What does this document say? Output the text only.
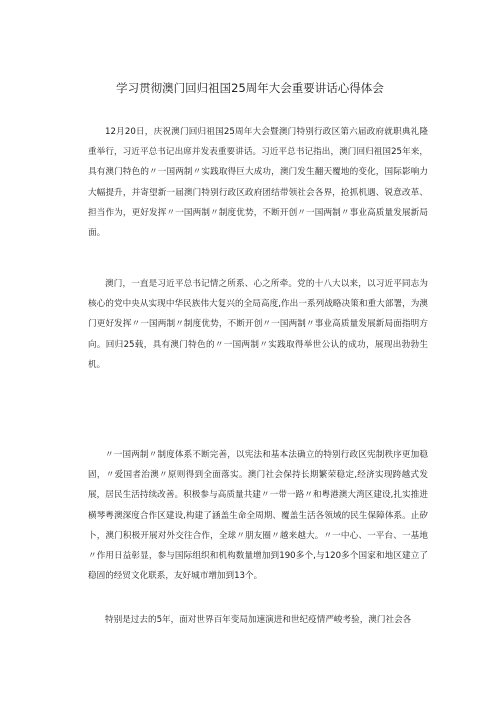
学习贯彻澳门回归祖国25周年大会重要讲话心得体会

12月20日，庆祝澳门回归祖国25周年大会暨澳门特别行政区第六届政府就职典礼隆重举行，习近平总书记出席并发表重要讲话。习近平总书记指出，澳门回归祖国25年来，具有澳门特色的〃一国两制〃实践取得巨大成功，澳门发生翻天覆地的变化，国际影响力大幅提升，并寄望新一届澳门特别行政区政府团结带领社会各界，抢抓机遇、锐意改革、担当作为，更好发挥〃一国两制〃制度优势，不断开创〃一国两制〃事业高质量发展新局面。

澳门，一直是习近平总书记情之所系、心之所牵。党的十八大以来，以习近平同志为核心的党中央从实现中华民族伟大复兴的全局高度,作出一系列战略决策和重大部署，为澳门更好发挥〃一国两制〃制度优势，不断开创〃一国两制〃事业高质量发展新局面指明方向。回归25载，具有澳门特色的〃一国两制〃实践取得举世公认的成功，展现出勃勃生机。

〃一国两制〃制度体系不断完善，以宪法和基本法确立的特别行政区宪制秩序更加稳固，〃爱国者治澳〃原则得到全面落实。澳门社会保持长期繁荣稳定,经济实现跨越式发展，居民生活持续改善。积极参与高质量共建〃一带一路〃和粤港澳大湾区建设,扎实推进横琴粤澳深度合作区建设,构建了涵盖生命全周期、覆盖生活各领域的民生保障体系。止矽卜，澳门积极开展对外交往合作，全球〃朋友圈〃越来越大。〃一中心、一平台、一基地〃作用日益彰显，参与国际组织和机构数量增加到190多个,与120多个国家和地区建立了稳固的经贸文化联系，友好城市增加到13个。

特别是过去的5年，面对世界百年变局加速演进和世纪疫情严峻考验，澳门社会各
